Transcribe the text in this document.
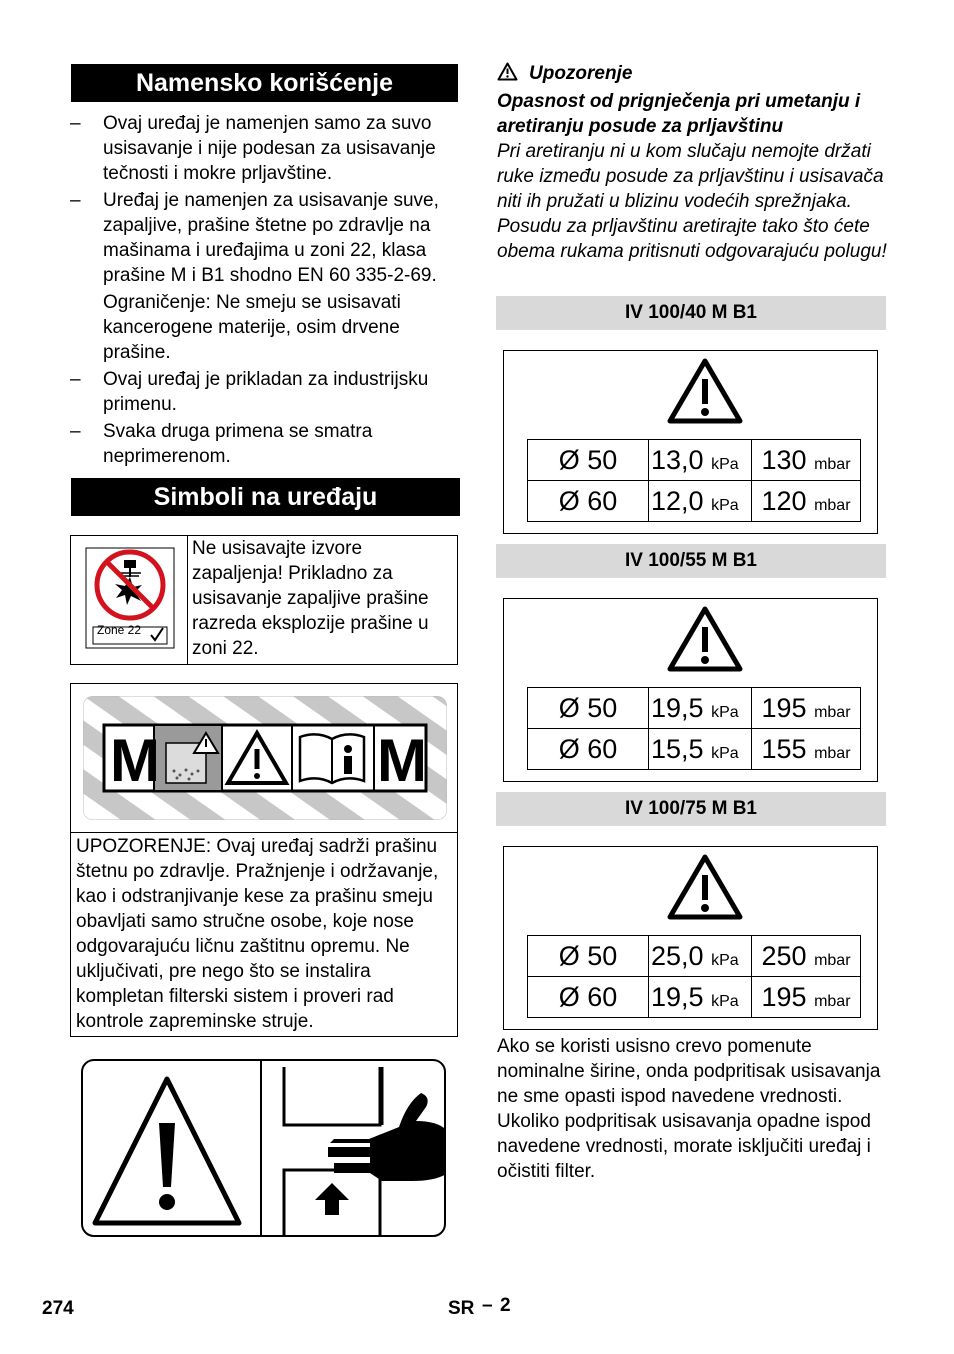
Namensko korišćenje
– Ovaj uređaj je namenjen samo za suvo usisavanje i nije podesan za usisavanje tečnosti i mokre prljavštine.
– Uređaj je namenjen za usisavanje suve, zapaljive, prašine štetne po zdravlje na mašinama i uređajima u zoni 22, klasa prašine M i B1 shodno EN 60 335-2-69.
Ograničenje: Ne smeju se usisavati kancerogene materije, osim drvene prašine.
– Ovaj uređaj je prikladan za industrijsku primenu.
– Svaka druga primena se smatra neprimerenom.
Simboli na uređaju
Zone 22
Ne usisavajte izvore zapaljenja! Prikladno za usisavanje zapaljive prašine razreda eksplozije prašine u zoni 22.
M	M
UPOZORENJE: Ovaj uređaj sadrži prašinu štetnu po zdravlje. Pražnjenje i održavanje, kao i odstranjivanje kese za prašinu smeju obavljati samo stručne osobe, koje nose odgovarajuću ličnu zaštitnu opremu. Ne uključivati, pre nego što se instalira kompletan filterski sistem i proveri rad kontrole zapreminske struje.
Upozorenje
Opasnost od prignječenja pri umetanju i aretiranju posude za prljavštinu
Pri aretiranju ni u kom slučaju nemojte držati ruke između posude za prljavštinu i usisavača niti ih pružati u blizinu vodećih sprežnjaka. Posudu za prljavštinu aretirajte tako što ćete obema rukama pritisnuti odgovarajuću polugu!
IV 100/40 M B1
Ø 50	13,0 kPa	130 mbar
Ø 60	12,0 kPa	120 mbar
IV 100/55 M B1
Ø 50	19,5 kPa	195 mbar
Ø 60	15,5 kPa	155 mbar
IV 100/75 M B1
Ø 50	25,0 kPa	250 mbar
Ø 60	19,5 kPa	195 mbar
Ako se koristi usisno crevo pomenute nominalne širine, onda podpritisak usisavanja ne sme opasti ispod navedene vrednosti. Ukoliko podpritisak usisavanja opadne ispod navedene vrednosti, morate isključiti uređaj i očistiti filter.
274	SR – 2
